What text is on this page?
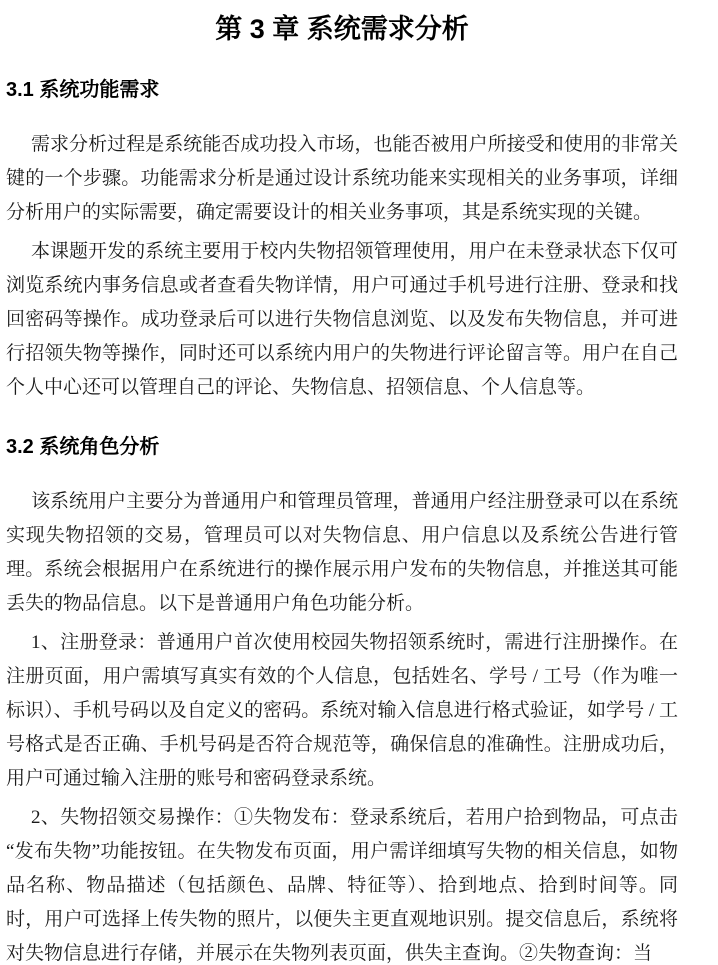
第 3 章 系统需求分析
3.1 系统功能需求

需求分析过程是系统能否成功投入市场，也能否被用户所接受和使用的非常关键的一个步骤。功能需求分析是通过设计系统功能来实现相关的业务事项，详细分析用户的实际需要，确定需要设计的相关业务事项，其是系统实现的关键。

本课题开发的系统主要用于校内失物招领管理使用，用户在未登录状态下仅可浏览系统内事务信息或者查看失物详情，用户可通过手机号进行注册、登录和找回密码等操作。成功登录后可以进行失物信息浏览、以及发布失物信息，并可进行招领失物等操作，同时还可以系统内用户的失物进行评论留言等。用户在自己个人中心还可以管理自己的评论、失物信息、招领信息、个人信息等。

3.2 系统角色分析

该系统用户主要分为普通用户和管理员管理，普通用户经注册登录可以在系统实现失物招领的交易，管理员可以对失物信息、用户信息以及系统公告进行管理。系统会根据用户在系统进行的操作展示用户发布的失物信息，并推送其可能丢失的物品信息。以下是普通用户角色功能分析。

1、注册登录：普通用户首次使用校园失物招领系统时，需进行注册操作。在注册页面，用户需填写真实有效的个人信息，包括姓名、学号 / 工号（作为唯一标识）、手机号码以及自定义的密码。系统对输入信息进行格式验证，如学号 / 工号格式是否正确、手机号码是否符合规范等，确保信息的准确性。注册成功后，用户可通过输入注册的账号和密码登录系统。

2、失物招领交易操作：①失物发布：登录系统后，若用户拾到物品，可点击“发布失物”功能按钮。在失物发布页面，用户需详细填写失物的相关信息，如物品名称、物品描述（包括颜色、品牌、特征等）、拾到地点、拾到时间等。同时，用户可选择上传失物的照片，以便失主更直观地识别。提交信息后，系统将对失物信息进行存储，并展示在失物列表页面，供失主查询。②失物查询：当
